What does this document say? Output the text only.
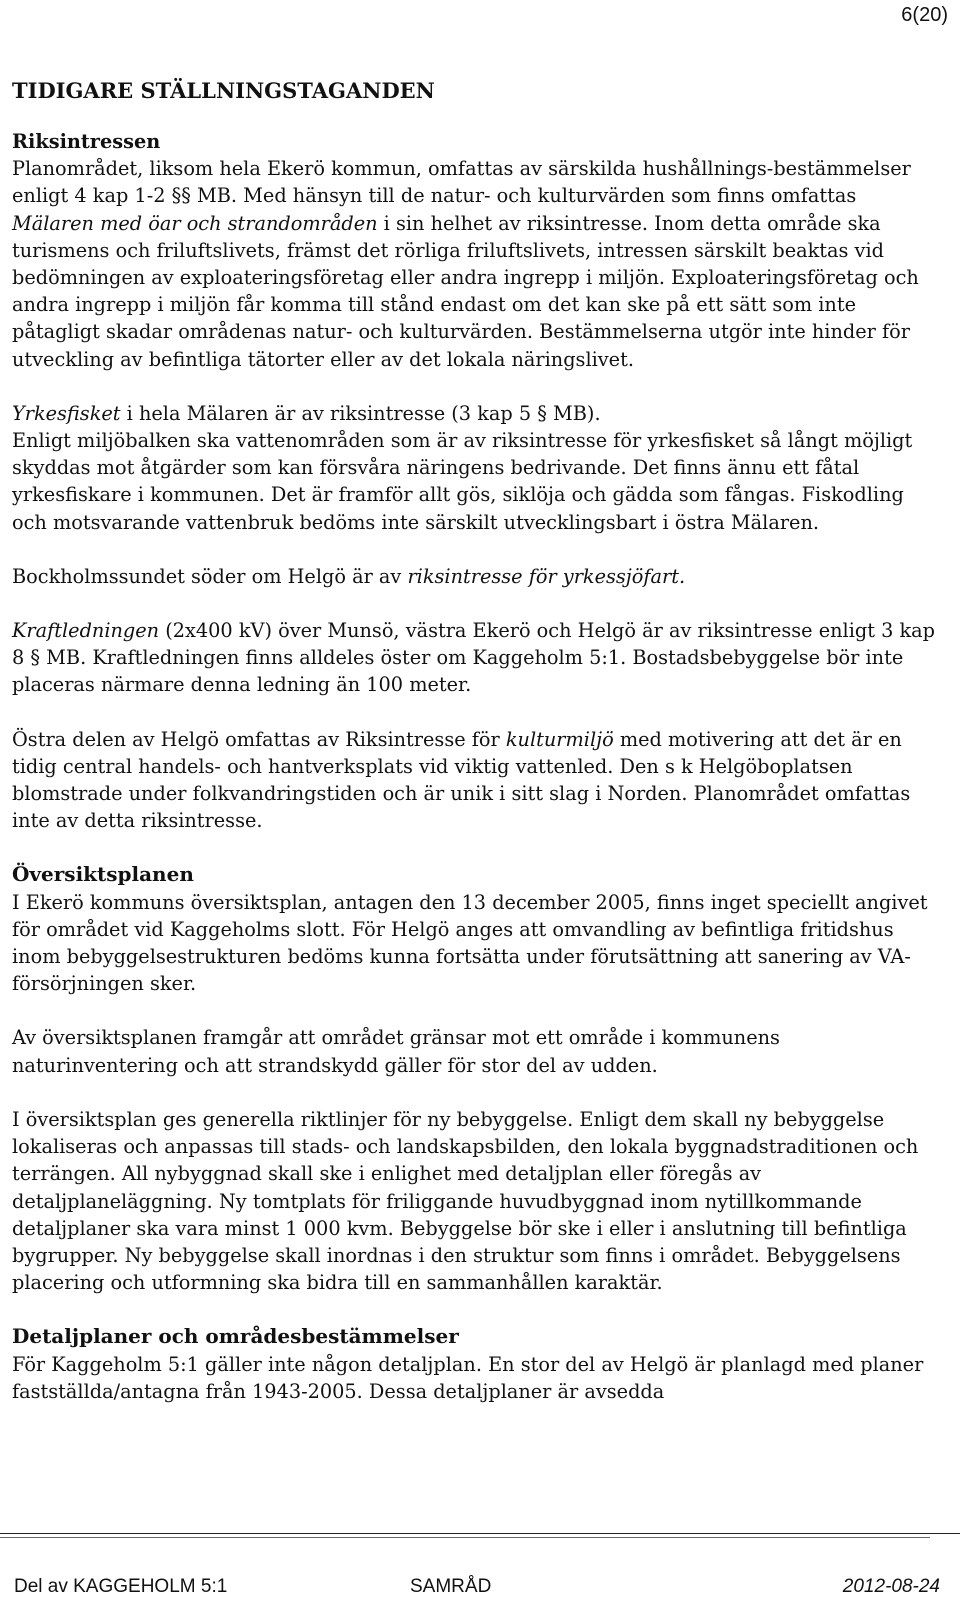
6(20)
TIDIGARE STÄLLNINGSTAGANDEN
Riksintressen

Planområdet, liksom hela Ekerö kommun, omfattas av särskilda hushållnings-bestämmelser enligt 4 kap 1-2 §§ MB. Med hänsyn till de natur- och kulturvärden som finns omfattas Mälaren med öar och strandområden i sin helhet av riksintresse. Inom detta område ska turismens och friluftslivets, främst det rörliga friluftslivets, intressen särskilt beaktas vid bedömningen av exploateringsföretag eller andra ingrepp i miljön. Exploateringsföretag och andra ingrepp i miljön får komma till stånd endast om det kan ske på ett sätt som inte påtagligt skadar områdenas natur- och kulturvärden. Bestämmelserna utgör inte hinder för utveckling av befintliga tätorter eller av det lokala näringslivet.

Yrkesfisket i hela Mälaren är av riksintresse (3 kap 5 § MB).

Enligt miljöbalken ska vattenområden som är av riksintresse för yrkesfisket så långt möjligt skyddas mot åtgärder som kan försvåra näringens bedrivande. Det finns ännu ett fåtal yrkesfiskare i kommunen. Det är framför allt gös, siklöja och gädda som fångas. Fiskodling och motsvarande vattenbruk bedöms inte särskilt utvecklingsbart i östra Mälaren.

Bockholmssundet söder om Helgö är av riksintresse för yrkessjöfart.

Kraftledningen (2x400 kV) över Munsö, västra Ekerö och Helgö är av riksintresse enligt 3 kap 8 § MB. Kraftledningen finns alldeles öster om Kaggeholm 5:1. Bostadsbebyggelse bör inte placeras närmare denna ledning än 100 meter.

Östra delen av Helgö omfattas av Riksintresse för kulturmiljö med motivering att det är en tidig central handels- och hantverksplats vid viktig vattenled. Den s k Helgöboplatsen blomstrade under folkvandringstiden och är unik i sitt slag i Norden. Planområdet omfattas inte av detta riksintresse.

Översiktsplanen

I Ekerö kommuns översiktsplan, antagen den 13 december 2005, finns inget speciellt angivet för området vid Kaggeholms slott. För Helgö anges att omvandling av befintliga fritidshus inom bebyggelsestrukturen bedöms kunna fortsätta under förutsättning att sanering av VA-försörjningen sker.

Av översiktsplanen framgår att området gränsar mot ett område i kommunens naturinventering och att strandskydd gäller för stor del av udden.

I översiktsplan ges generella riktlinjer för ny bebyggelse. Enligt dem skall ny bebyggelse lokaliseras och anpassas till stads- och landskapsbilden, den lokala byggnadstraditionen och terrängen. All nybyggnad skall ske i enlighet med detaljplan eller föregås av detaljplaneläggning. Ny tomtplats för friliggande huvudbyggnad inom nytillkommande detaljplaner ska vara minst 1 000 kvm. Bebyggelse bör ske i eller i anslutning till befintliga bygrupper. Ny bebyggelse skall inordnas i den struktur som finns i området. Bebyggelsens placering och utformning ska bidra till en sammanhållen karaktär.

Detaljplaner och områdesbestämmelser

För Kaggeholm 5:1 gäller inte någon detaljplan. En stor del av Helgö är planlagd med planer fastställda/antagna från 1943-2005. Dessa detaljplaner är avsedda

Del av KAGGEHOLM 5:1	SAMRÅD	2012-08-24
